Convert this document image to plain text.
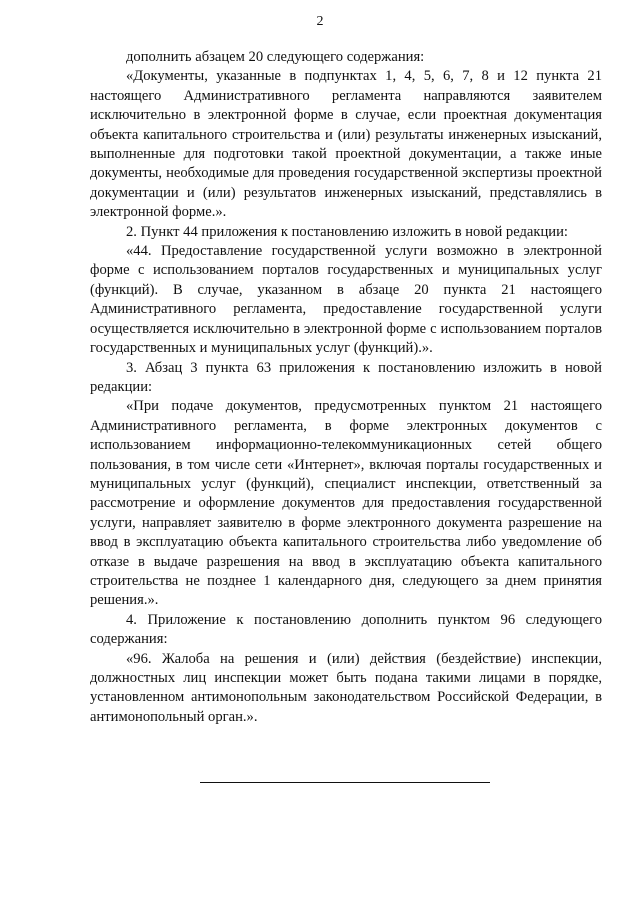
2

дополнить абзацем 20 следующего содержания:

«Документы, указанные в подпунктах 1, 4, 5, 6, 7, 8 и 12 пункта 21 настоящего Административного регламента направляются заявителем исключительно в электронной форме в случае, если проектная документация объекта капитального строительства и (или) результаты инженерных изысканий, выполненные для подготовки такой проектной документации, а также иные документы, необходимые для проведения государственной экспертизы проектной документации и (или) результатов инженерных изысканий, представлялись в электронной форме.».

2. Пункт 44 приложения к постановлению изложить в новой редакции:

«44. Предоставление государственной услуги возможно в электронной форме с использованием порталов государственных и муниципальных услуг (функций). В случае, указанном в абзаце 20 пункта 21 настоящего Административного регламента, предоставление государственной услуги осуществляется исключительно в электронной форме с использованием порталов государственных и муниципальных услуг (функций).».

3. Абзац 3 пункта 63 приложения к постановлению изложить в новой редакции:

«При подаче документов, предусмотренных пунктом 21 настоящего Административного регламента, в форме электронных документов с использованием информационно-телекоммуникационных сетей общего пользования, в том числе сети «Интернет», включая порталы государственных и муниципальных услуг (функций), специалист инспекции, ответственный за рассмотрение и оформление документов для предоставления государственной услуги, направляет заявителю в форме электронного документа разрешение на ввод в эксплуатацию объекта капитального строительства либо уведомление об отказе в выдаче разрешения на ввод в эксплуатацию объекта капитального строительства не позднее 1 календарного дня, следующего за днем принятия решения.».

4. Приложение к постановлению дополнить пунктом 96 следующего содержания:

«96. Жалоба на решения и (или) действия (бездействие) инспекции, должностных лиц инспекции может быть подана такими лицами в порядке, установленном антимонопольным законодательством Российской Федерации, в антимонопольный орган.».
